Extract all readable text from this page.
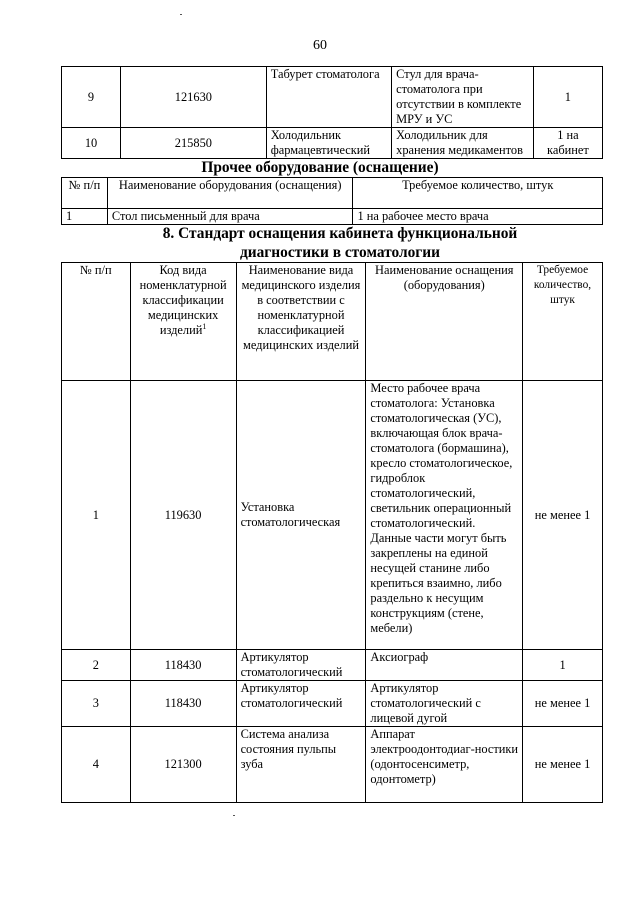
60
9	121630	Табурет стоматолога	Стул для врача-стоматолога при отсутствии в комплекте МРУ и УС	1
10	215850	Холодильник фармацевтический	Холодильник для хранения медикаментов	1 на кабинет
Прочее оборудование (оснащение)
№ п/п	Наименование оборудования (оснащения)	Требуемое количество, штук
1	Стол письменный для врача	1 на рабочее место врача
8. Стандарт оснащения кабинета функциональной диагностики в стоматологии
№ п/п	Код вида номенклатурной классификации медицинских изделий$^1$	Наименование вида медицинского изделия в соответствии с номенклатурной классификацией медицинских изделий	Наименование оснащения (оборудования)	Требуемое количество, штук
1	119630	Установка стоматологическая	Место рабочее врача стоматолога: Установка стоматологическая (УС), включающая блок врача-стоматолога (бормашина), кресло стоматологическое, гидроблок стоматологический, светильник операционный стоматологический. Данные части могут быть закреплены на единой несущей станине либо крепиться взаимно, либо раздельно к несущим конструкциям (стене, мебели)	не менее 1
2	118430	Артикулятор стоматологический	Аксиограф	1
3	118430	Артикулятор стоматологический	Артикулятор стоматологический с лицевой дугой	не менее 1
4	121300	Система анализа состояния пульпы зуба	Аппарат электроодонтодиаг-ностики (одонтосенсиметр, одонтометр)	не менее 1
